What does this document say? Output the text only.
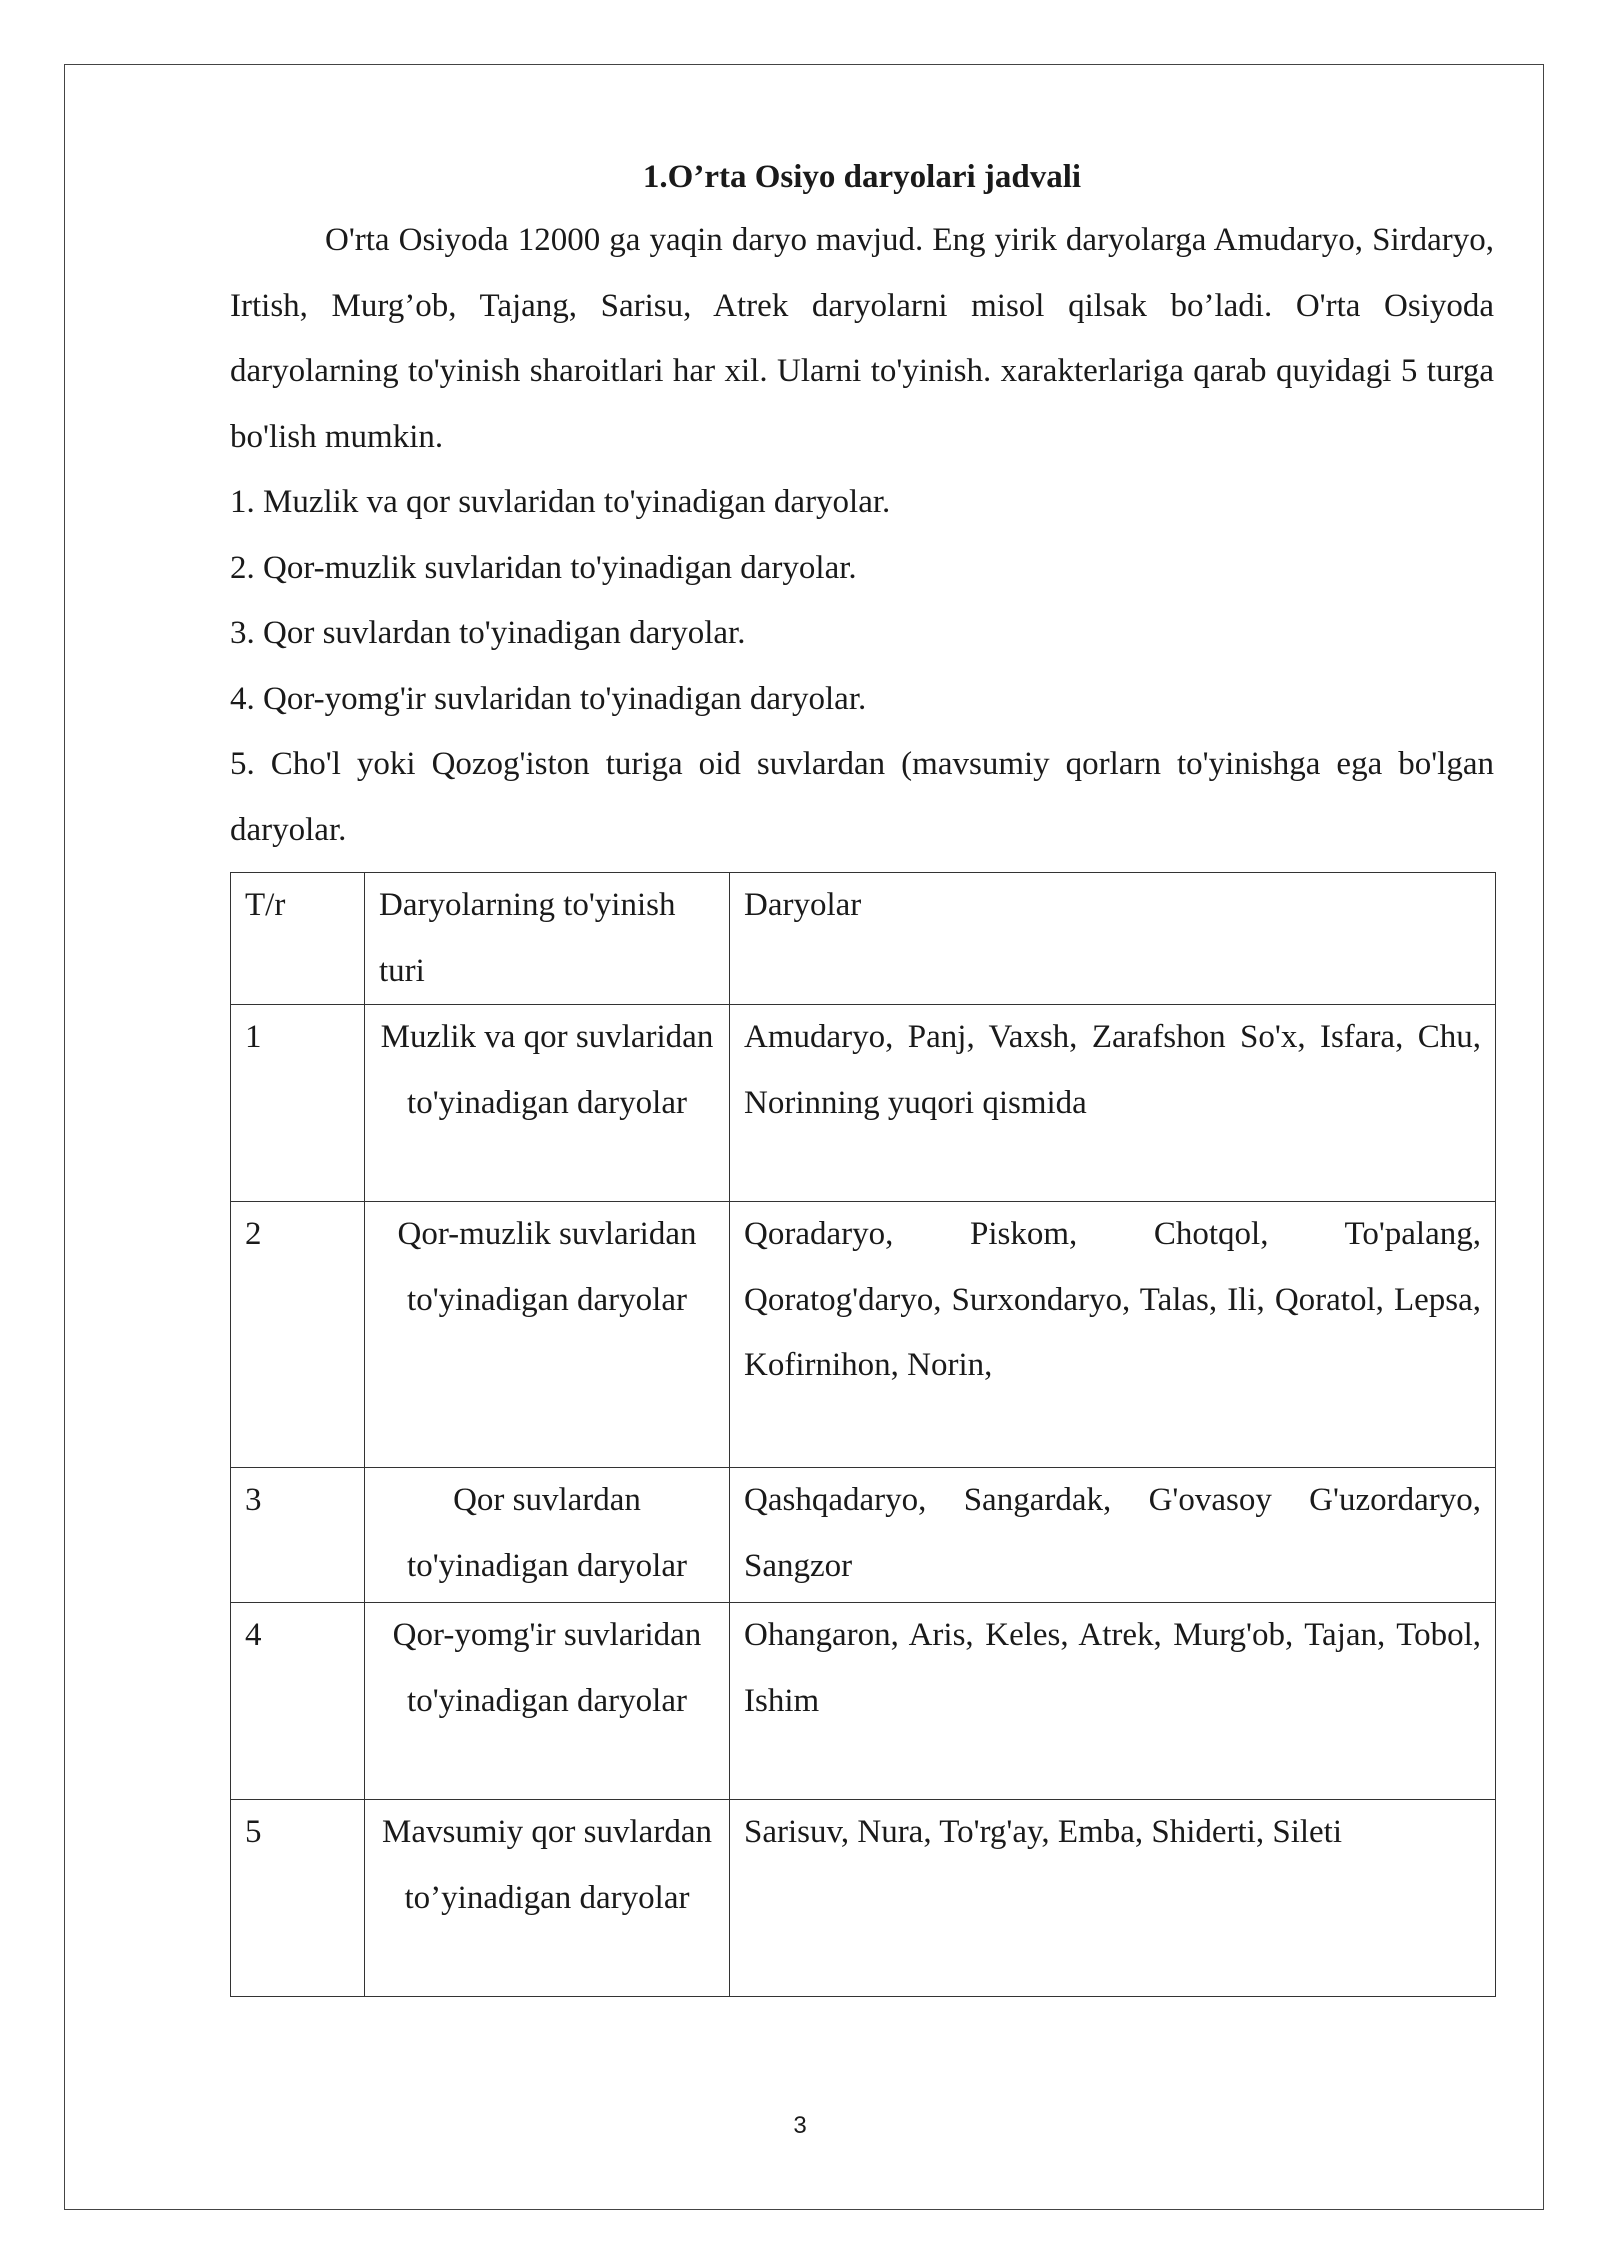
1.O’rta Osiyo daryolari jadvali

O'rta Osiyoda 12000 ga yaqin daryo mavjud. Eng yirik daryolarga Amudaryo, Sirdaryo, Irtish, Murg’ob, Tajang, Sarisu, Atrek daryolarni misol qilsak bo’ladi. O'rta Osiyoda daryolarning to'yinish sharoitlari har xil. Ularni to'yinish. xarakterlariga qarab quyidagi 5 turga bo'lish mumkin.

1. Muzlik va qor suvlaridan to'yinadigan daryolar.

2. Qor-muzlik suvlaridan to'yinadigan daryolar.

3. Qor suvlardan to'yinadigan daryolar.

4. Qor-yomg'ir suvlaridan to'yinadigan daryolar.

5. Cho'l yoki Qozog'iston turiga oid suvlardan (mavsumiy qorlarn to'yinishga ega bo'lgan daryolar.

T/r	Daryolarning to'yinish turi	Daryolar
1	Muzlik va qor suvlaridan to'yinadigan daryolar	Amudaryo, Panj, Vaxsh, Zarafshon So'x, Isfara, Chu, Norinning yuqori qismida
2	Qor-muzlik suvlaridan to'yinadigan daryolar	Qoradaryo, Piskom, Chotqol, To'palang, Qoratog'daryo, Surxondaryo, Talas, Ili, Qoratol, Lepsa, Kofirnihon, Norin,
3	Qor suvlardan to'yinadigan daryolar	Qashqadaryo, Sangardak, G'ovasoy G'uzordaryo, Sangzor
4	Qor-yomg'ir suvlaridan to'yinadigan daryolar	Ohangaron, Aris, Keles, Atrek, Murg'ob, Tajan, Tobol, Ishim
5	Mavsumiy qor suvlardan to’yinadigan daryolar	Sarisuv, Nura, To'rg'ay, Emba, Shiderti, Sileti
3
